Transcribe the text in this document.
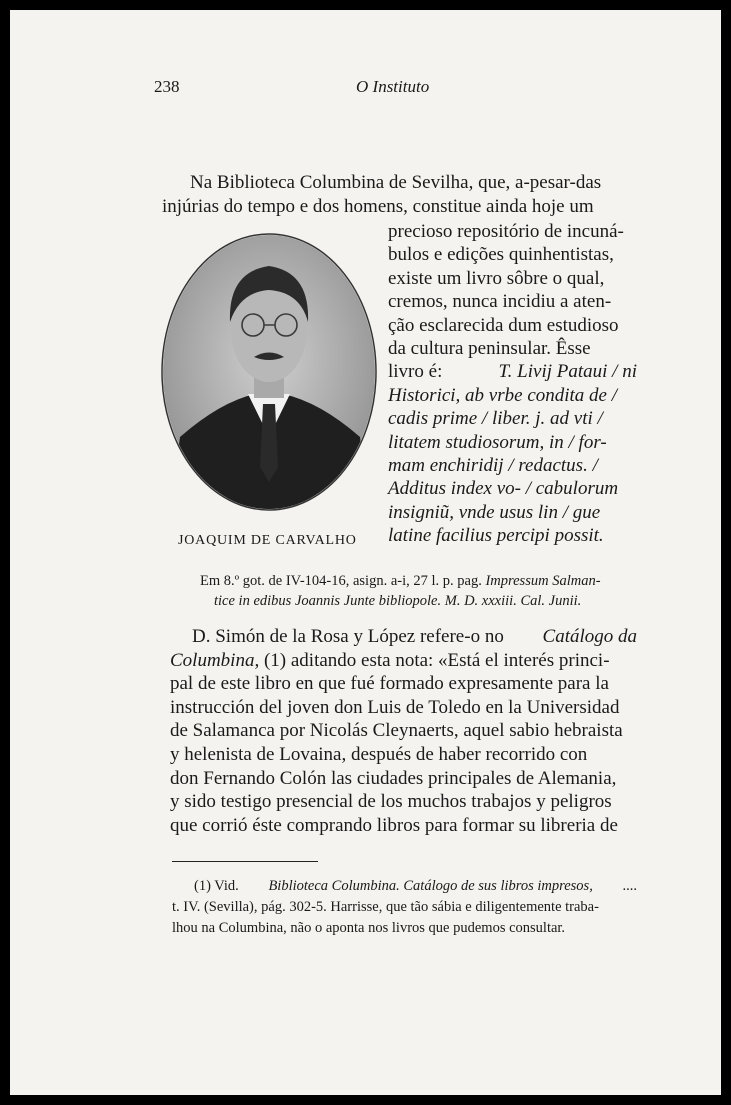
238	O Instituto
Na Biblioteca Columbina de Sevilha, que, a-pesar-das
injúrias do tempo e dos homens, constitue ainda hoje um
precioso repositório de incuná-
bulos e edições quinhentistas,
existe um livro sôbre o qual,
cremos, nunca incidiu a aten-
ção esclarecida dum estudioso
da cultura peninsular. Êsse
livro é:
	T. Livij Pataui / ni
Historici, ab vrbe condita de /
cadis prime / liber. j. ad vti /
litatem studiosorum, in / for-
mam enchiridij / redactus. /
Additus index vo- / cabulorum
insigniũ, vnde usus lin / gue
latine facilius percipi possit.
JOAQUIM DE CARVALHO
Em 8.º got. de IV-104-16, asign. a-i, 27 l. p. pag. Impressum Salman-
tice in edibus Joannis Junte bibliopole. M. D. xxxiii. Cal. Junii.
D. Simón de la Rosa y López refere-o no Catálogo da
Columbina, (1) aditando esta nota: «Está el interés princi-
pal de este libro en que fué formado expresamente para la
instrucción del joven don Luis de Toledo en la Universidad
de Salamanca por Nicolás Cleynaerts, aquel sabio hebraista
y helenista de Lovaina, después de haber recorrido con
don Fernando Colón las ciudades principales de Alemania,
y sido testigo presencial de los muchos trabajos y peligros
que corrió éste comprando libros para formar su libreria de
(1) Vid. Biblioteca Columbina. Catálogo de sus libros impresos, ....
t. IV. (Sevilla), pág. 302-5. Harrisse, que tão sábia e diligentemente traba-
lhou na Columbina, não o aponta nos livros que pudemos consultar.
